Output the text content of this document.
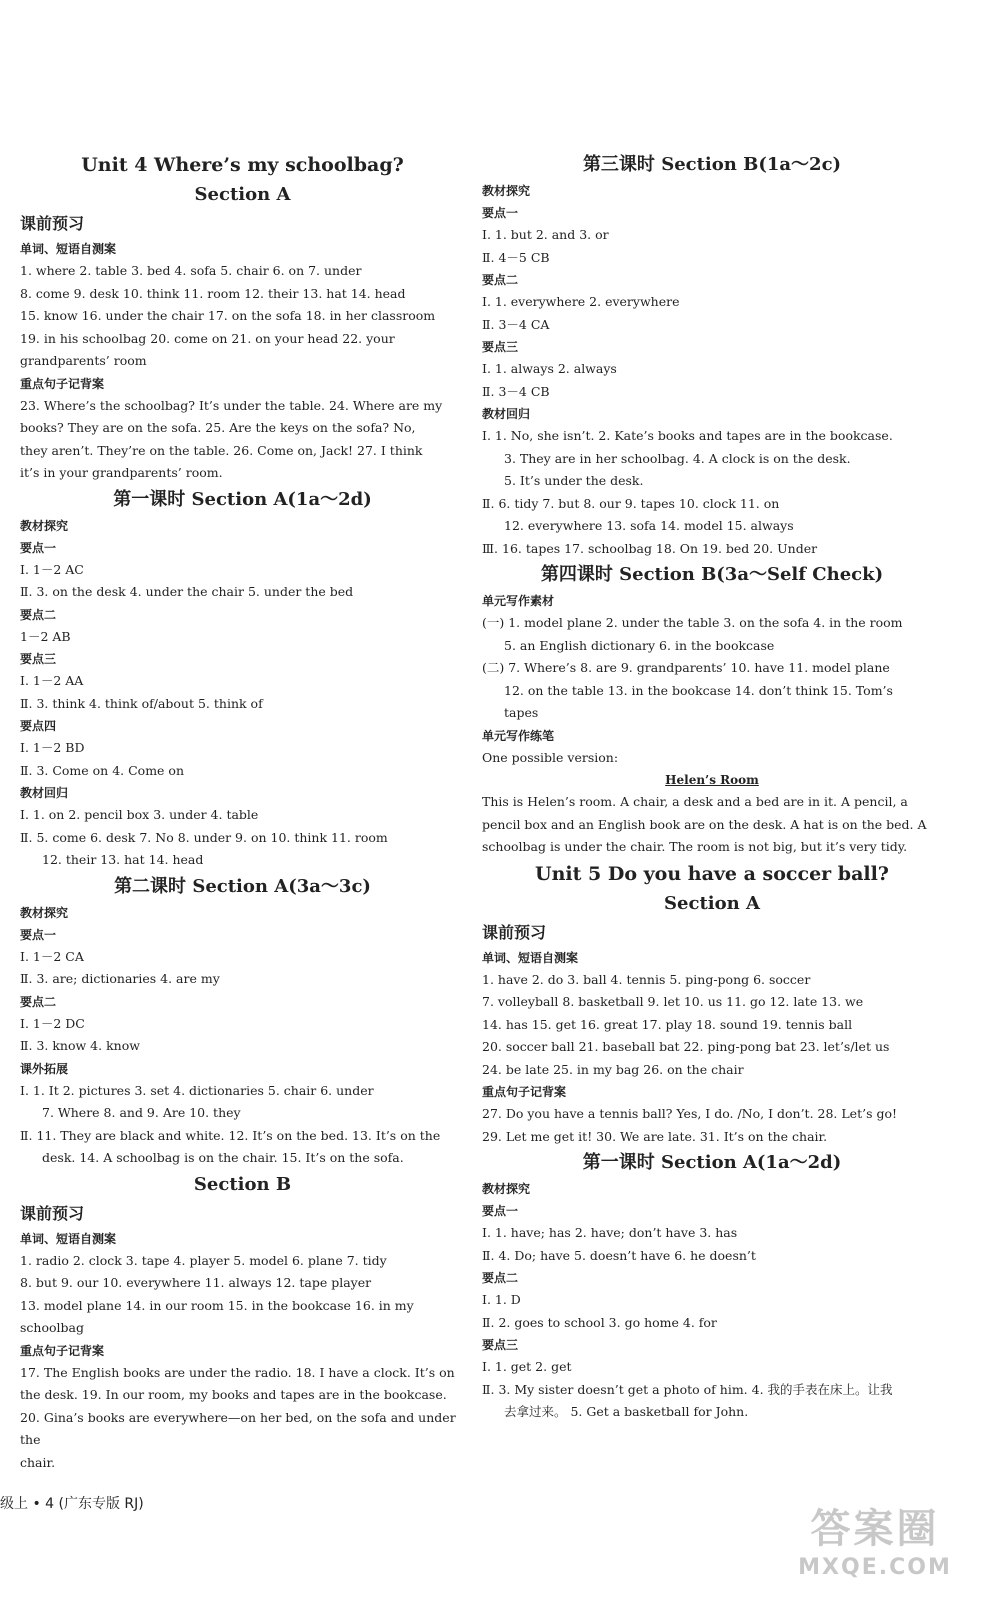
Unit 4 Where’s my schoolbag?
Section A
课前预习
单词、短语自测案
1. where 2. table 3. bed 4. sofa 5. chair 6. on 7. under
8. come 9. desk 10. think 11. room 12. their 13. hat 14. head
15. know 16. under the chair 17. on the sofa 18. in her classroom
19. in his schoolbag 20. come on 21. on your head 22. your
grandparents’ room
重点句子记背案
23. Where’s the schoolbag? It’s under the table. 24. Where are my
books? They are on the sofa. 25. Are the keys on the sofa? No,
they aren’t. They’re on the table. 26. Come on, Jack! 27. I think
it’s in your grandparents’ room.
第一课时 Section A(1a～2d)
教材探究
要点一
Ⅰ. 1－2 AC
Ⅱ. 3. on the desk 4. under the chair 5. under the bed
要点二
1－2 AB
要点三
Ⅰ. 1－2 AA
Ⅱ. 3. think 4. think of/about 5. think of
要点四
Ⅰ. 1－2 BD
Ⅱ. 3. Come on 4. Come on
教材回归
Ⅰ. 1. on 2. pencil box 3. under 4. table
Ⅱ. 5. come 6. desk 7. No 8. under 9. on 10. think 11. room
12. their 13. hat 14. head
第二课时 Section A(3a～3c)
教材探究
要点一
Ⅰ. 1－2 CA
Ⅱ. 3. are; dictionaries 4. are my
要点二
Ⅰ. 1－2 DC
Ⅱ. 3. know 4. know
课外拓展
Ⅰ. 1. It 2. pictures 3. set 4. dictionaries 5. chair 6. under
7. Where 8. and 9. Are 10. they
Ⅱ. 11. They are black and white. 12. It’s on the bed. 13. It’s on the
desk. 14. A schoolbag is on the chair. 15. It’s on the sofa.
Section B
课前预习
单词、短语自测案
1. radio 2. clock 3. tape 4. player 5. model 6. plane 7. tidy
8. but 9. our 10. everywhere 11. always 12. tape player
13. model plane 14. in our room 15. in the bookcase 16. in my
schoolbag
重点句子记背案
17. The English books are under the radio. 18. I have a clock. It’s on
the desk. 19. In our room, my books and tapes are in the bookcase.
20. Gina’s books are everywhere—on her bed, on the sofa and under the
chair.
第三课时 Section B(1a～2c)
教材探究
要点一
Ⅰ. 1. but 2. and 3. or
Ⅱ. 4－5 CB
要点二
Ⅰ. 1. everywhere 2. everywhere
Ⅱ. 3－4 CA
要点三
Ⅰ. 1. always 2. always
Ⅱ. 3－4 CB
教材回归
Ⅰ. 1. No, she isn’t. 2. Kate’s books and tapes are in the bookcase.
3. They are in her schoolbag. 4. A clock is on the desk.
5. It’s under the desk.
Ⅱ. 6. tidy 7. but 8. our 9. tapes 10. clock 11. on
12. everywhere 13. sofa 14. model 15. always
Ⅲ. 16. tapes 17. schoolbag 18. On 19. bed 20. Under
第四课时 Section B(3a～Self Check)
单元写作素材
(一) 1. model plane 2. under the table 3. on the sofa 4. in the room
5. an English dictionary 6. in the bookcase
(二) 7. Where’s 8. are 9. grandparents’ 10. have 11. model plane
12. on the table 13. in the bookcase 14. don’t think 15. Tom’s
tapes
单元写作练笔
One possible version:
Helen’s Room
This is Helen’s room. A chair, a desk and a bed are in it. A pencil, a
pencil box and an English book are on the desk. A hat is on the bed. A
schoolbag is under the chair. The room is not big, but it’s very tidy.
Unit 5 Do you have a soccer ball?
Section A
课前预习
单词、短语自测案
1. have 2. do 3. ball 4. tennis 5. ping-pong 6. soccer
7. volleyball 8. basketball 9. let 10. us 11. go 12. late 13. we
14. has 15. get 16. great 17. play 18. sound 19. tennis ball
20. soccer ball 21. baseball bat 22. ping-pong bat 23. let’s/let us
24. be late 25. in my bag 26. on the chair
重点句子记背案
27. Do you have a tennis ball? Yes, I do. /No, I don’t. 28. Let’s go!
29. Let me get it! 30. We are late. 31. It’s on the chair.
第一课时 Section A(1a～2d)
教材探究
要点一
Ⅰ. 1. have; has 2. have; don’t have 3. has
Ⅱ. 4. Do; have 5. doesn’t have 6. he doesn’t
要点二
Ⅰ. 1. D
Ⅱ. 2. goes to school 3. go home 4. for
要点三
Ⅰ. 1. get 2. get
Ⅱ. 3. My sister doesn’t get a photo of him. 4. 我的手表在床上。让我
去拿过来。 5. Get a basketball for John.
级上 • 4 (广东专版 RJ)
答案圈
MXQE.COM
